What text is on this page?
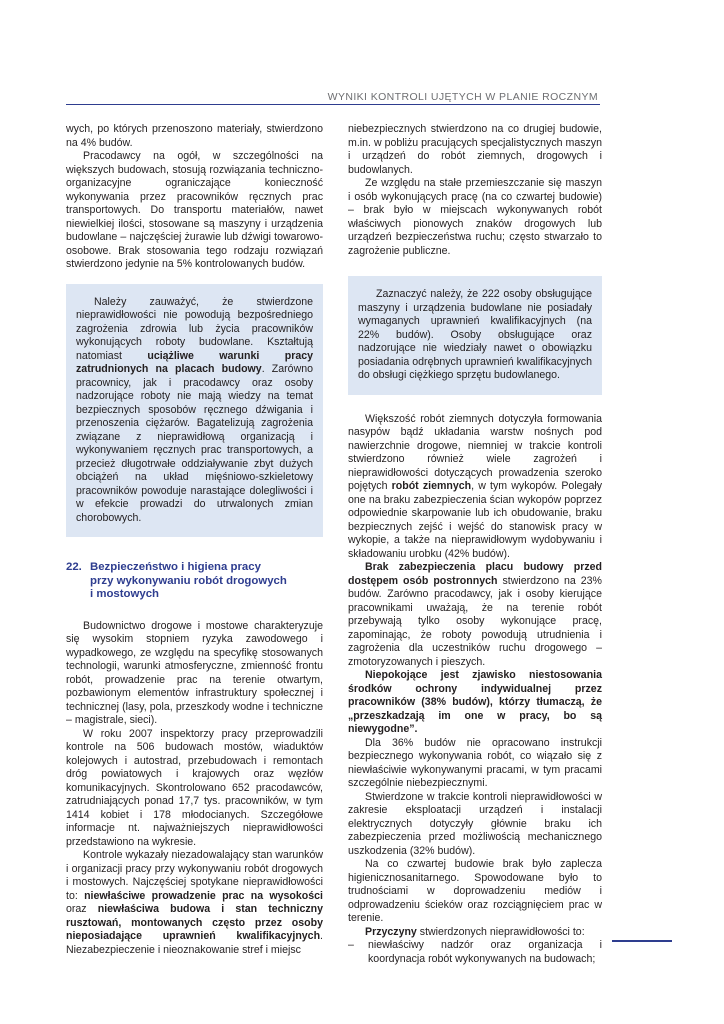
WYNIKI KONTROLI UJĘTYCH W PLANIE ROCZNYM

wych, po których przenoszono materiały, stwierdzono na 4% budów.

Pracodawcy na ogół, w szczególności na większych budowach, stosują rozwiązania techniczno-organizacyjne ograniczające konieczność wykonywania przez pracowników ręcznych prac transportowych. Do transportu materiałów, nawet niewielkiej ilości, stosowane są maszyny i urządzenia budowlane – najczęściej żurawie lub dźwigi towarowo-osobowe. Brak stosowania tego rodzaju rozwiązań stwierdzono jedynie na 5% kontrolowanych budów.

Należy zauważyć, że stwierdzone nieprawidłowości nie powodują bezpośredniego zagrożenia zdrowia lub życia pracowników wykonujących roboty budowlane. Kształtują natomiast uciążliwe warunki pracy zatrudnionych na placach budowy. Zarówno pracownicy, jak i pracodawcy oraz osoby nadzorujące roboty nie mają wiedzy na temat bezpiecznych sposobów ręcznego dźwigania i przenoszenia ciężarów. Bagatelizują zagrożenia związane z nieprawidłową organizacją i wykonywaniem ręcznych prac transportowych, a przecież długotrwałe oddziaływanie zbyt dużych obciążeń na układ mięśniowo-szkieletowy pracowników powoduje narastające dolegliwości i w efekcie prowadzi do utrwalonych zmian chorobowych.

22. Bezpieczeństwo i higiena pracy
przy wykonywaniu robót drogowych
i mostowych

Budownictwo drogowe i mostowe charakteryzuje się wysokim stopniem ryzyka zawodowego i wypadkowego, ze względu na specyfikę stosowanych technologii, warunki atmosferyczne, zmienność frontu robót, prowadzenie prac na terenie otwartym, pozbawionym elementów infrastruktury społecznej i technicznej (lasy, pola, przeszkody wodne i techniczne – magistrale, sieci).

W roku 2007 inspektorzy pracy przeprowadzili kontrole na 506 budowach mostów, wiaduktów kolejowych i autostrad, przebudowach i remontach dróg powiatowych i krajowych oraz węzłów komunikacyjnych. Skontrolowano 652 pracodawców, zatrudniających ponad 17,7 tys. pracowników, w tym 1414 kobiet i 178 młodocianych. Szczegółowe informacje nt. najważniejszych nieprawidłowości przedstawiono na wykresie.

Kontrole wykazały niezadowalający stan warunków i organizacji pracy przy wykonywaniu robót drogowych i mostowych. Najczęściej spotykane nieprawidłowości to: niewłaściwe prowadzenie prac na wysokości oraz niewłaściwa budowa i stan techniczny rusztowań, montowanych często przez osoby nieposiadające uprawnień kwalifikacyjnych. Niezabezpieczenie i nieoznakowanie stref i miejsc

niebezpiecznych stwierdzono na co drugiej budowie, m.in. w pobliżu pracujących specjalistycznych maszyn i urządzeń do robót ziemnych, drogowych i budowlanych.

Ze względu na stałe przemieszczanie się maszyn i osób wykonujących pracę (na co czwartej budowie) – brak było w miejscach wykonywanych robót właściwych pionowych znaków drogowych lub urządzeń bezpieczeństwa ruchu; często stwarzało to zagrożenie publiczne.

Zaznaczyć należy, że 222 osoby obsługujące maszyny i urządzenia budowlane nie posiadały wymaganych uprawnień kwalifikacyjnych (na 22% budów). Osoby obsługujące oraz nadzorujące nie wiedziały nawet o obowiązku posiadania odrębnych uprawnień kwalifikacyjnych do obsługi ciężkiego sprzętu budowlanego.

Większość robót ziemnych dotyczyła formowania nasypów bądź układania warstw nośnych pod nawierzchnie drogowe, niemniej w trakcie kontroli stwierdzono również wiele zagrożeń i nieprawidłowości dotyczących prowadzenia szeroko pojętych robót ziemnych, w tym wykopów. Polegały one na braku zabezpieczenia ścian wykopów poprzez odpowiednie skarpowanie lub ich obudowanie, braku bezpiecznych zejść i wejść do stanowisk pracy w wykopie, a także na nieprawidłowym wydobywaniu i składowaniu urobku (42% budów).

Brak zabezpieczenia placu budowy przed dostępem osób postronnych stwierdzono na 23% budów. Zarówno pracodawcy, jak i osoby kierujące pracownikami uważają, że na terenie robót przebywają tylko osoby wykonujące pracę, zapominając, że roboty powodują utrudnienia i zagrożenia dla uczestników ruchu drogowego – zmotoryzowanych i pieszych.

Niepokojące jest zjawisko niestosowania środków ochrony indywidualnej przez pracowników (38% budów), którzy tłumaczą, że „przeszkadzają im one w pracy, bo są niewygodne”.

Dla 36% budów nie opracowano instrukcji bezpiecznego wykonywania robót, co wiązało się z niewłaściwie wykonywanymi pracami, w tym pracami szczególnie niebezpiecznymi.

Stwierdzone w trakcie kontroli nieprawidłowości w zakresie eksploatacji urządzeń i instalacji elektrycznych dotyczyły głównie braku ich zabezpieczenia przed możliwością mechanicznego uszkodzenia (32% budów).

Na co czwartej budowie brak było zaplecza higienicznosanitarnego. Spowodowane było to trudnościami w doprowadzeniu mediów i odprowadzeniu ścieków oraz rozciągnięciem prac w terenie.

Przyczyny stwierdzonych nieprawidłowości to:

–	niewłaściwy nadzór oraz organizacja i koordynacja robót wykonywanych na budowach;
